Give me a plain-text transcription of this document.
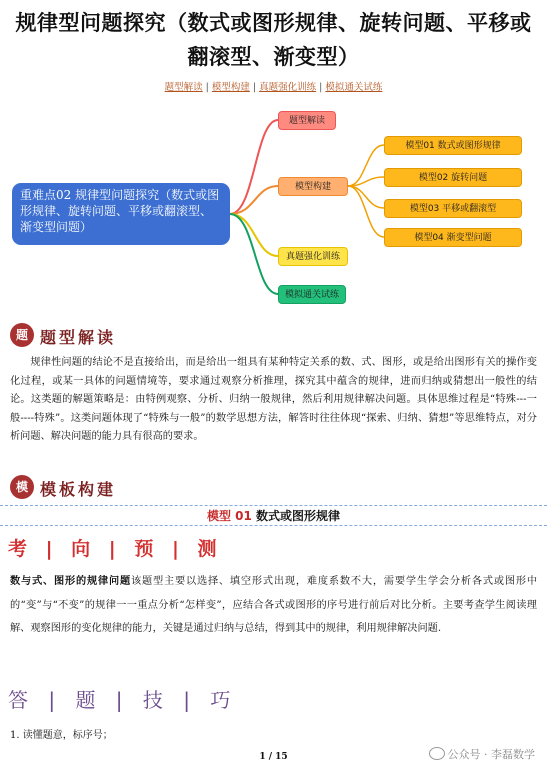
规律型问题探究（数式或图形规律、旋转问题、平移或
翻滚型、渐变型）
题型解读 | 模型构建 | 真题强化训练 | 模拟通关试练
重难点02 规律型问题探究（数式或图形规律、旋转问题、平移或翻滚型、渐变型问题）
题型解读
模型构建
真题强化训练
模拟通关试练
模型01 数式或图形规律
模型02 旋转问题
模型03 平移或翻滚型
模型04 渐变型问题
题 题型解读
规律性问题的结论不是直接给出，而是给出一组具有某种特定关系的数、式、图形，或是给出图形有关的操作变化过程，或某一具体的问题情境等，要求通过观察分析推理，探究其中蕴含的规律，进而归纳或猜想出一般性的结论。这类题的解题策略是：由特例观察、分析、归纳一般规律，然后利用规律解决问题。具体思维过程是“特殊---一般----特殊”。这类问题体现了“特殊与一般”的数学思想方法，解答时往往体现“探索、归纳、猜想”等思维特点，对分析问题、解决问题的能力具有很高的要求。
模 模板构建
模型 01 数式或图形规律
考 | 向 | 预 | 测
数与式、图形的规律问题该题型主要以选择、填空形式出现，难度系数不大，需要学生学会分析各式或图形中的“变”与“不变”的规律一一重点分析“怎样变”，应结合各式或图形的序号进行前后对比分析。主要考查学生阅读理解、观察图形的变化规律的能力，关键是通过归纳与总结，得到其中的规律，利用规律解决问题.
答 | 题 | 技 | 巧
1. 读懂题意，标序号；
1 / 15	公众号 · 李磊数学
